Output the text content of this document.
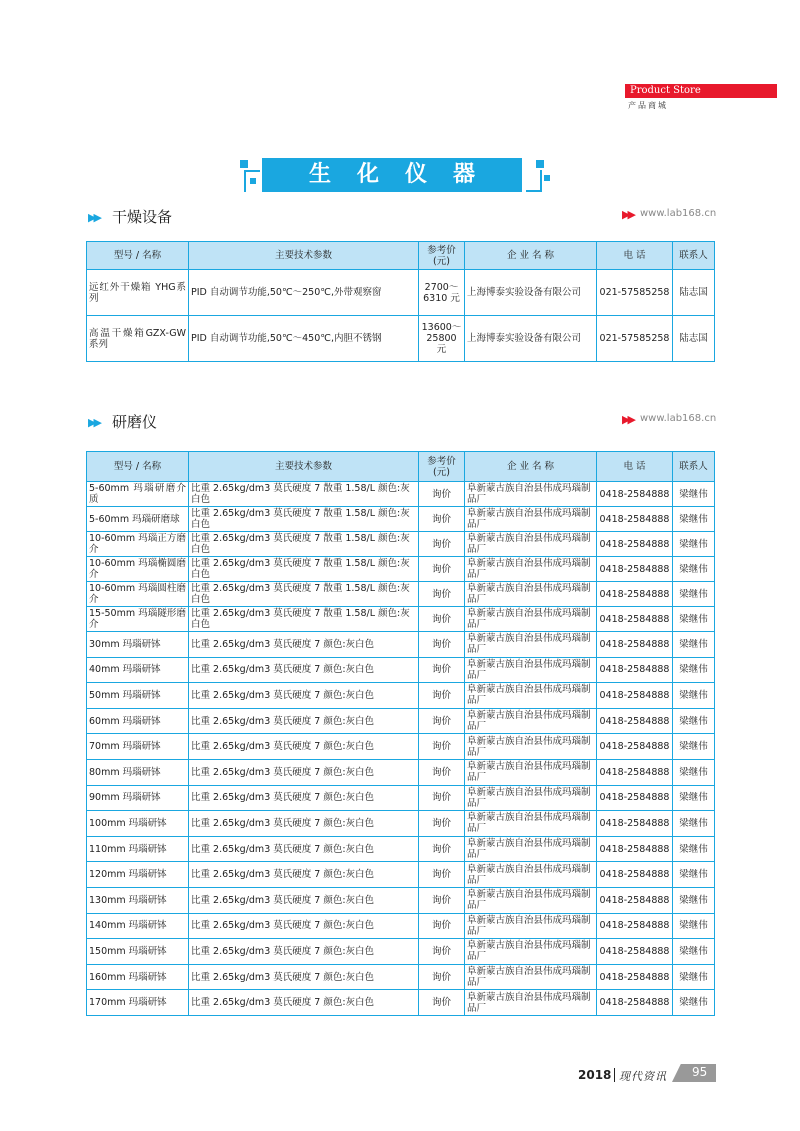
Product Store
产品商城
生化仪器
▶▶ 干燥设备	▶▶ www.lab168.cn
型号 / 名称	主要技术参数	参考价(元)	企 业 名 称	电 话	联系人
远红外干燥箱 YHG系列	PID 自动调节功能,50℃～250℃,外带观察窗	2700～6310 元	上海博泰实验设备有限公司	021-57585258	陆志国
高温干燥箱GZX-GW 系列	PID 自动调节功能,50℃～450℃,内胆不锈钢	13600～25800 元	上海博泰实验设备有限公司	021-57585258	陆志国
▶▶ 研磨仪	▶▶ www.lab168.cn
型号 / 名称	主要技术参数	参考价(元)	企 业 名 称	电 话	联系人
5-60mm 玛瑙研磨介质	比重 2.65kg/dm3 莫氏硬度 7 散重 1.58/L 颜色:灰白色	询价	阜新蒙古族自治县伟成玛瑙制品厂	0418-2584888	梁继伟
5-60mm 玛瑙研磨球	比重 2.65kg/dm3 莫氏硬度 7 散重 1.58/L 颜色:灰白色	询价	阜新蒙古族自治县伟成玛瑙制品厂	0418-2584888	梁继伟
10-60mm 玛瑙正方磨介	比重 2.65kg/dm3 莫氏硬度 7 散重 1.58/L 颜色:灰白色	询价	阜新蒙古族自治县伟成玛瑙制品厂	0418-2584888	梁继伟
10-60mm 玛瑙椭圆磨介	比重 2.65kg/dm3 莫氏硬度 7 散重 1.58/L 颜色:灰白色	询价	阜新蒙古族自治县伟成玛瑙制品厂	0418-2584888	梁继伟
10-60mm 玛瑙圆柱磨介	比重 2.65kg/dm3 莫氏硬度 7 散重 1.58/L 颜色:灰白色	询价	阜新蒙古族自治县伟成玛瑙制品厂	0418-2584888	梁继伟
15-50mm 玛瑙隧形磨介	比重 2.65kg/dm3 莫氏硬度 7 散重 1.58/L 颜色:灰白色	询价	阜新蒙古族自治县伟成玛瑙制品厂	0418-2584888	梁继伟
30mm 玛瑙研钵	比重 2.65kg/dm3 莫氏硬度 7 颜色:灰白色	询价	阜新蒙古族自治县伟成玛瑙制品厂	0418-2584888	梁继伟
40mm 玛瑙研钵	比重 2.65kg/dm3 莫氏硬度 7 颜色:灰白色	询价	阜新蒙古族自治县伟成玛瑙制品厂	0418-2584888	梁继伟
50mm 玛瑙研钵	比重 2.65kg/dm3 莫氏硬度 7 颜色:灰白色	询价	阜新蒙古族自治县伟成玛瑙制品厂	0418-2584888	梁继伟
60mm 玛瑙研钵	比重 2.65kg/dm3 莫氏硬度 7 颜色:灰白色	询价	阜新蒙古族自治县伟成玛瑙制品厂	0418-2584888	梁继伟
70mm 玛瑙研钵	比重 2.65kg/dm3 莫氏硬度 7 颜色:灰白色	询价	阜新蒙古族自治县伟成玛瑙制品厂	0418-2584888	梁继伟
80mm 玛瑙研钵	比重 2.65kg/dm3 莫氏硬度 7 颜色:灰白色	询价	阜新蒙古族自治县伟成玛瑙制品厂	0418-2584888	梁继伟
90mm 玛瑙研钵	比重 2.65kg/dm3 莫氏硬度 7 颜色:灰白色	询价	阜新蒙古族自治县伟成玛瑙制品厂	0418-2584888	梁继伟
100mm 玛瑙研钵	比重 2.65kg/dm3 莫氏硬度 7 颜色:灰白色	询价	阜新蒙古族自治县伟成玛瑙制品厂	0418-2584888	梁继伟
110mm 玛瑙研钵	比重 2.65kg/dm3 莫氏硬度 7 颜色:灰白色	询价	阜新蒙古族自治县伟成玛瑙制品厂	0418-2584888	梁继伟
120mm 玛瑙研钵	比重 2.65kg/dm3 莫氏硬度 7 颜色:灰白色	询价	阜新蒙古族自治县伟成玛瑙制品厂	0418-2584888	梁继伟
130mm 玛瑙研钵	比重 2.65kg/dm3 莫氏硬度 7 颜色:灰白色	询价	阜新蒙古族自治县伟成玛瑙制品厂	0418-2584888	梁继伟
140mm 玛瑙研钵	比重 2.65kg/dm3 莫氏硬度 7 颜色:灰白色	询价	阜新蒙古族自治县伟成玛瑙制品厂	0418-2584888	梁继伟
150mm 玛瑙研钵	比重 2.65kg/dm3 莫氏硬度 7 颜色:灰白色	询价	阜新蒙古族自治县伟成玛瑙制品厂	0418-2584888	梁继伟
160mm 玛瑙研钵	比重 2.65kg/dm3 莫氏硬度 7 颜色:灰白色	询价	阜新蒙古族自治县伟成玛瑙制品厂	0418-2584888	梁继伟
170mm 玛瑙研钵	比重 2.65kg/dm3 莫氏硬度 7 颜色:灰白色	询价	阜新蒙古族自治县伟成玛瑙制品厂	0418-2584888	梁继伟
2018 现代资讯 95
